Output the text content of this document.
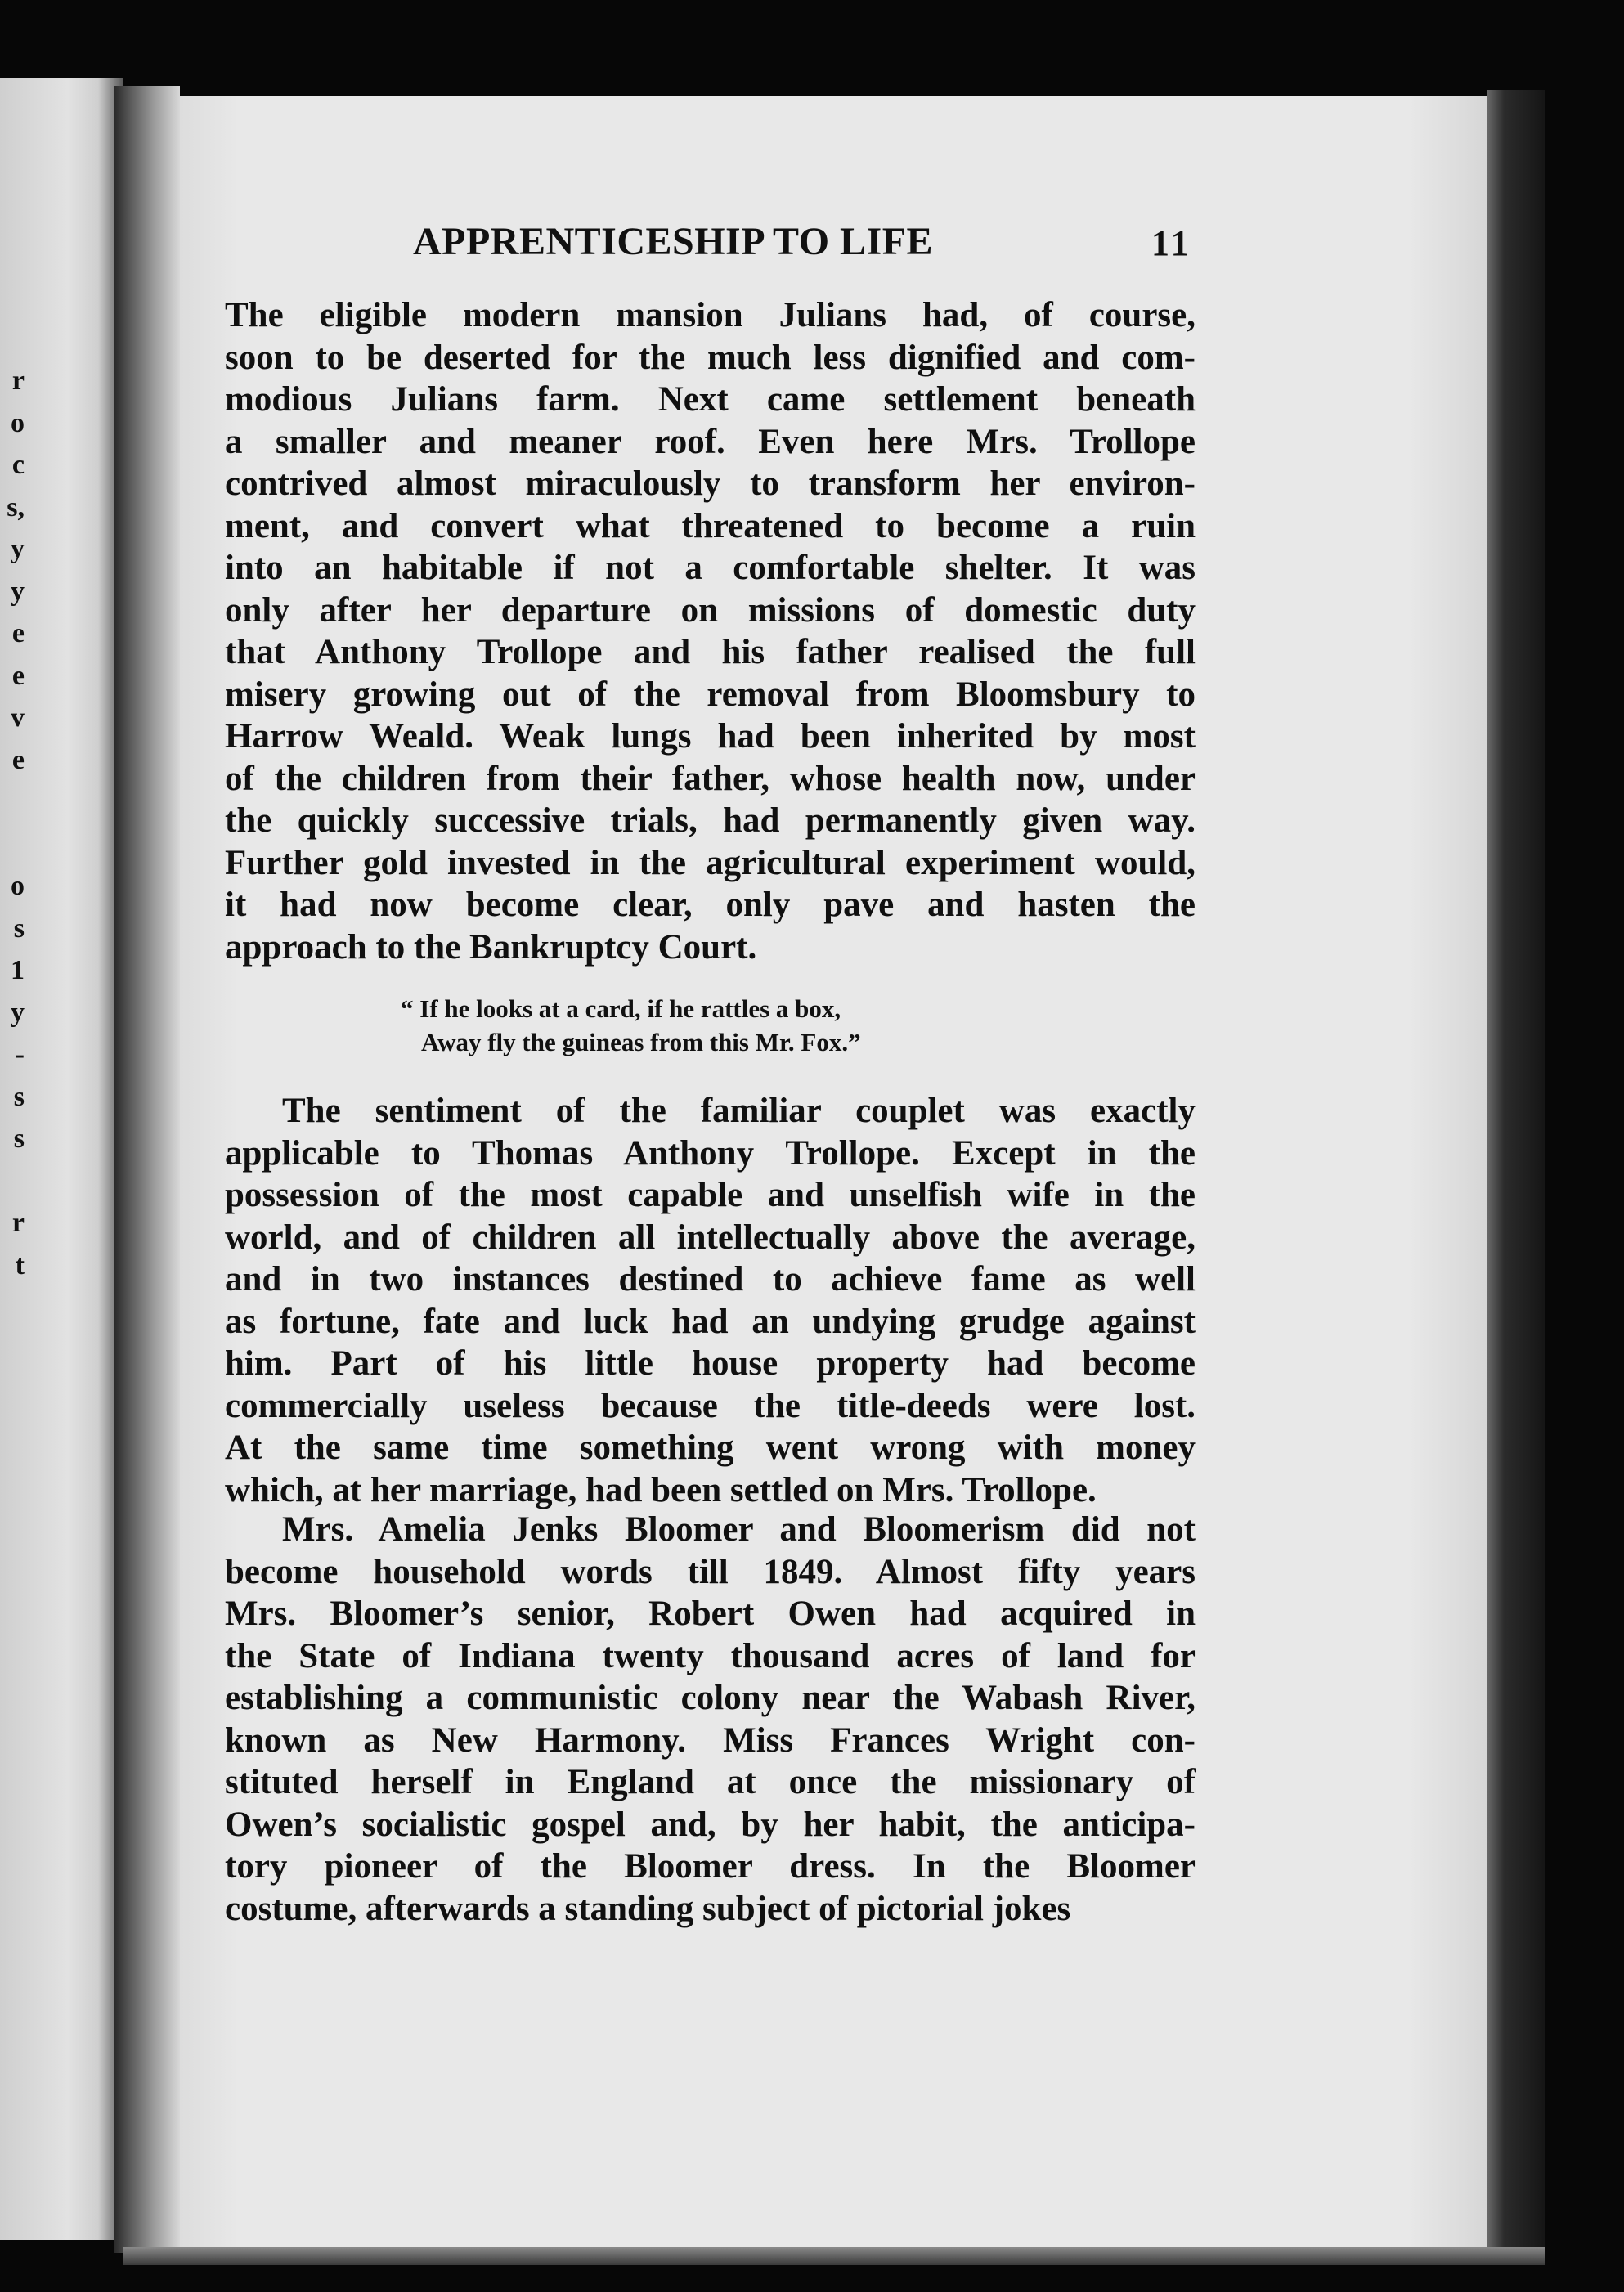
r
o
c
s,
y
y
e
e
v
e
o
s
1
y
-
s
s
r
t
APPRENTICESHIP TO LIFE	11
The eligible modern mansion Julians had, of course,
soon to be deserted for the much less dignified and com-
modious Julians farm. Next came settlement beneath
a smaller and meaner roof. Even here Mrs. Trollope
contrived almost miraculously to transform her environ-
ment, and convert what threatened to become a ruin
into an habitable if not a comfortable shelter. It was
only after her departure on missions of domestic duty
that Anthony Trollope and his father realised the full
misery growing out of the removal from Bloomsbury to
Harrow Weald. Weak lungs had been inherited by most
of the children from their father, whose health now, under
the quickly successive trials, had permanently given way.
Further gold invested in the agricultural experiment would,
it had now become clear, only pave and hasten the
approach to the Bankruptcy Court.
“ If he looks at a card, if he rattles a box,
Away fly the guineas from this Mr. Fox.”
The sentiment of the familiar couplet was exactly
applicable to Thomas Anthony Trollope. Except in the
possession of the most capable and unselfish wife in the
world, and of children all intellectually above the average,
and in two instances destined to achieve fame as well
as fortune, fate and luck had an undying grudge against
him. Part of his little house property had become
commercially useless because the title-deeds were lost.
At the same time something went wrong with money
which, at her marriage, had been settled on Mrs. Trollope.
Mrs. Amelia Jenks Bloomer and Bloomerism did not
become household words till 1849. Almost fifty years
Mrs. Bloomer’s senior, Robert Owen had acquired in
the State of Indiana twenty thousand acres of land for
establishing a communistic colony near the Wabash River,
known as New Harmony. Miss Frances Wright con-
stituted herself in England at once the missionary of
Owen’s socialistic gospel and, by her habit, the anticipa-
tory pioneer of the Bloomer dress. In the Bloomer
costume, afterwards a standing subject of pictorial jokes
